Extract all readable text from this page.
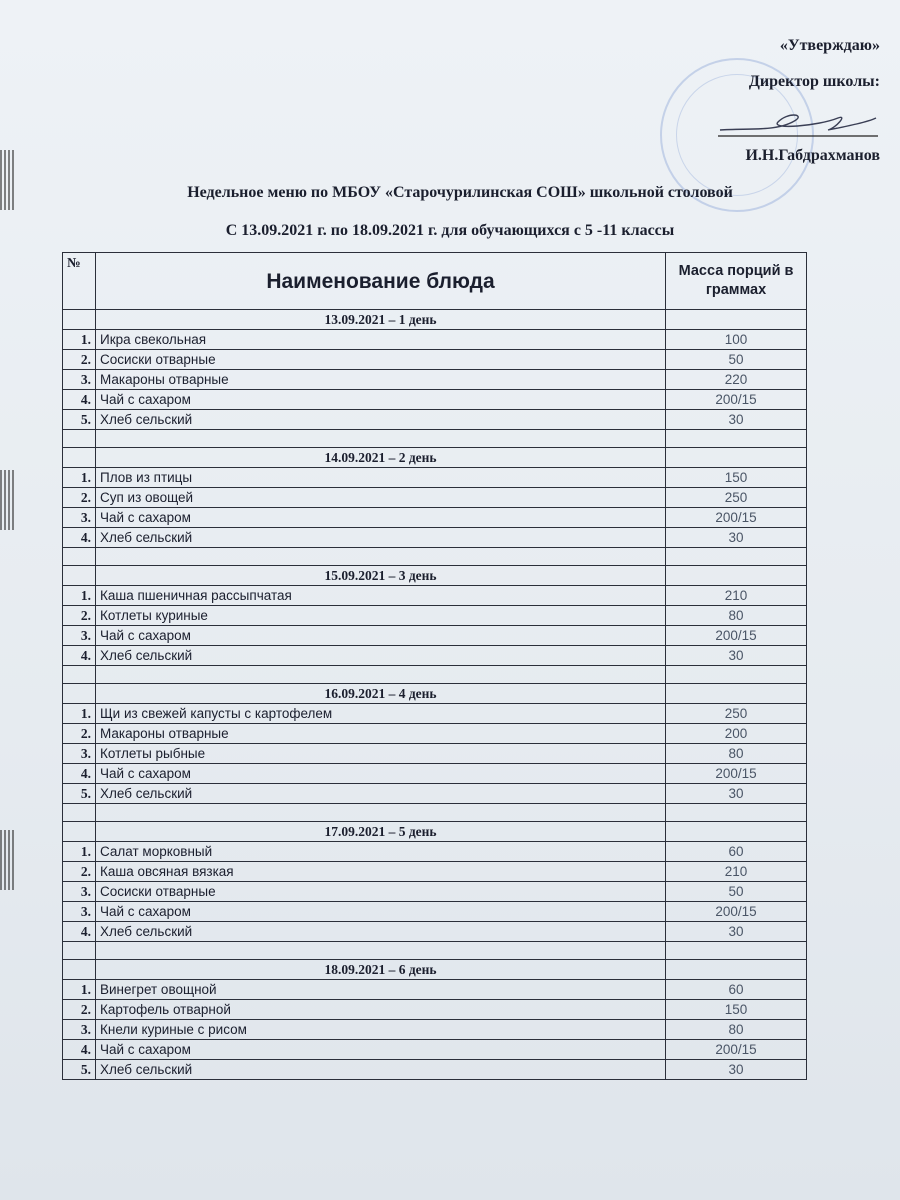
«Утверждаю»
Директор школы:
И.Н.Габдрахманов
Недельное меню по МБОУ «Старочурилинская СОШ» школьной столовой
С 13.09.2021 г. по 18.09.2021 г. для обучающихся с 5 -11 классы
№	Наименование блюда	Масса порций в граммах
	13.09.2021 – 1 день	
1.	Икра свекольная	100
2.	Сосиски отварные	50
3.	Макароны отварные	220
4.	Чай с сахаром	200/15
5.	Хлеб сельский	30

	14.09.2021 – 2 день	
1.	Плов из птицы	150
2.	Суп из овощей	250
3.	Чай с сахаром	200/15
4.	Хлеб сельский	30

	15.09.2021 – 3 день	
1.	Каша пшеничная рассыпчатая	210
2.	Котлеты куриные	80
3.	Чай с сахаром	200/15
4.	Хлеб сельский	30

	16.09.2021 – 4 день	
1.	Щи из свежей капусты с картофелем	250
2.	Макароны отварные	200
3.	Котлеты рыбные	80
4.	Чай с сахаром	200/15
5.	Хлеб сельский	30

	17.09.2021 – 5 день	
1.	Салат морковный	60
2.	Каша овсяная вязкая	210
3.	Сосиски отварные	50
3.	Чай с сахаром	200/15
4.	Хлеб сельский	30

	18.09.2021 – 6 день	
1.	Винегрет овощной	60
2.	Картофель отварной	150
3.	Кнели куриные с рисом	80
4.	Чай с сахаром	200/15
5.	Хлеб сельский	30
